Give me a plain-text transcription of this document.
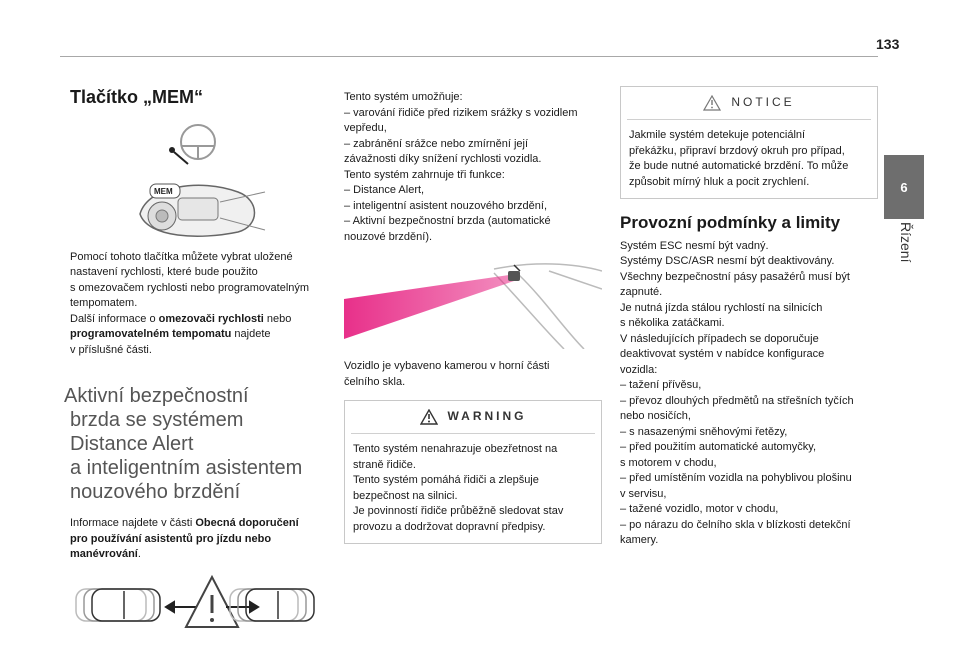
133
6
Řízení
Tlačítko „MEM“
MEM

Pomocí tohoto tlačítka můžete vybrat uložené
nastavení rychlosti, které bude použito
s omezovačem rychlosti nebo programovatelným
tempomatem.

Další informace o omezovači rychlosti nebo
programovatelném tempomatu najdete
v příslušné části.

Aktivní bezpečnostní
brzda se systémem
Distance Alert
a inteligentním asistentem
nouzového brzdění

Informace najdete v části Obecná doporučení
pro používání asistentů pro jízdu nebo
manévrování.

Tento systém umožňuje:
– varování řidiče před rizikem srážky s vozidlem
vepředu,
– zabránění srážce nebo zmírnění její
závažnosti díky snížení rychlosti vozidla.
Tento systém zahrnuje tři funkce:
– Distance Alert,
– inteligentní asistent nouzového brzdění,
– Aktivní bezpečnostní brzda (automatické
nouzové brzdění).

Vozidlo je vybaveno kamerou v horní části
čelního skla.

WARNING
Tento systém nenahrazuje obezřetnost na
straně řidiče.
Tento systém pomáhá řidiči a zlepšuje
bezpečnost na silnici.
Je povinností řidiče průběžně sledovat stav
provozu a dodržovat dopravní předpisy.
NOTICE
Jakmile systém detekuje potenciální
překážku, připraví brzdový okruh pro případ,
že bude nutné automatické brzdění. To může
způsobit mírný hluk a pocit zrychlení.
Provozní podmínky a limity

Systém ESC nesmí být vadný.
Systémy DSC/ASR nesmí být deaktivovány.
Všechny bezpečnostní pásy pasažérů musí být
zapnuté.
Je nutná jízda stálou rychlostí na silnicích
s několika zatáčkami.
V následujících případech se doporučuje
deaktivovat systém v nabídce konfigurace
vozidla:
– tažení přívěsu,
– převoz dlouhých předmětů na střešních tyčích
nebo nosičích,
– s nasazenými sněhovými řetězy,
– před použitím automatické automyčky,
s motorem v chodu,
– před umístěním vozidla na pohyblivou plošinu
v servisu,
– tažené vozidlo, motor v chodu,
– po nárazu do čelního skla v blízkosti detekční
kamery.
